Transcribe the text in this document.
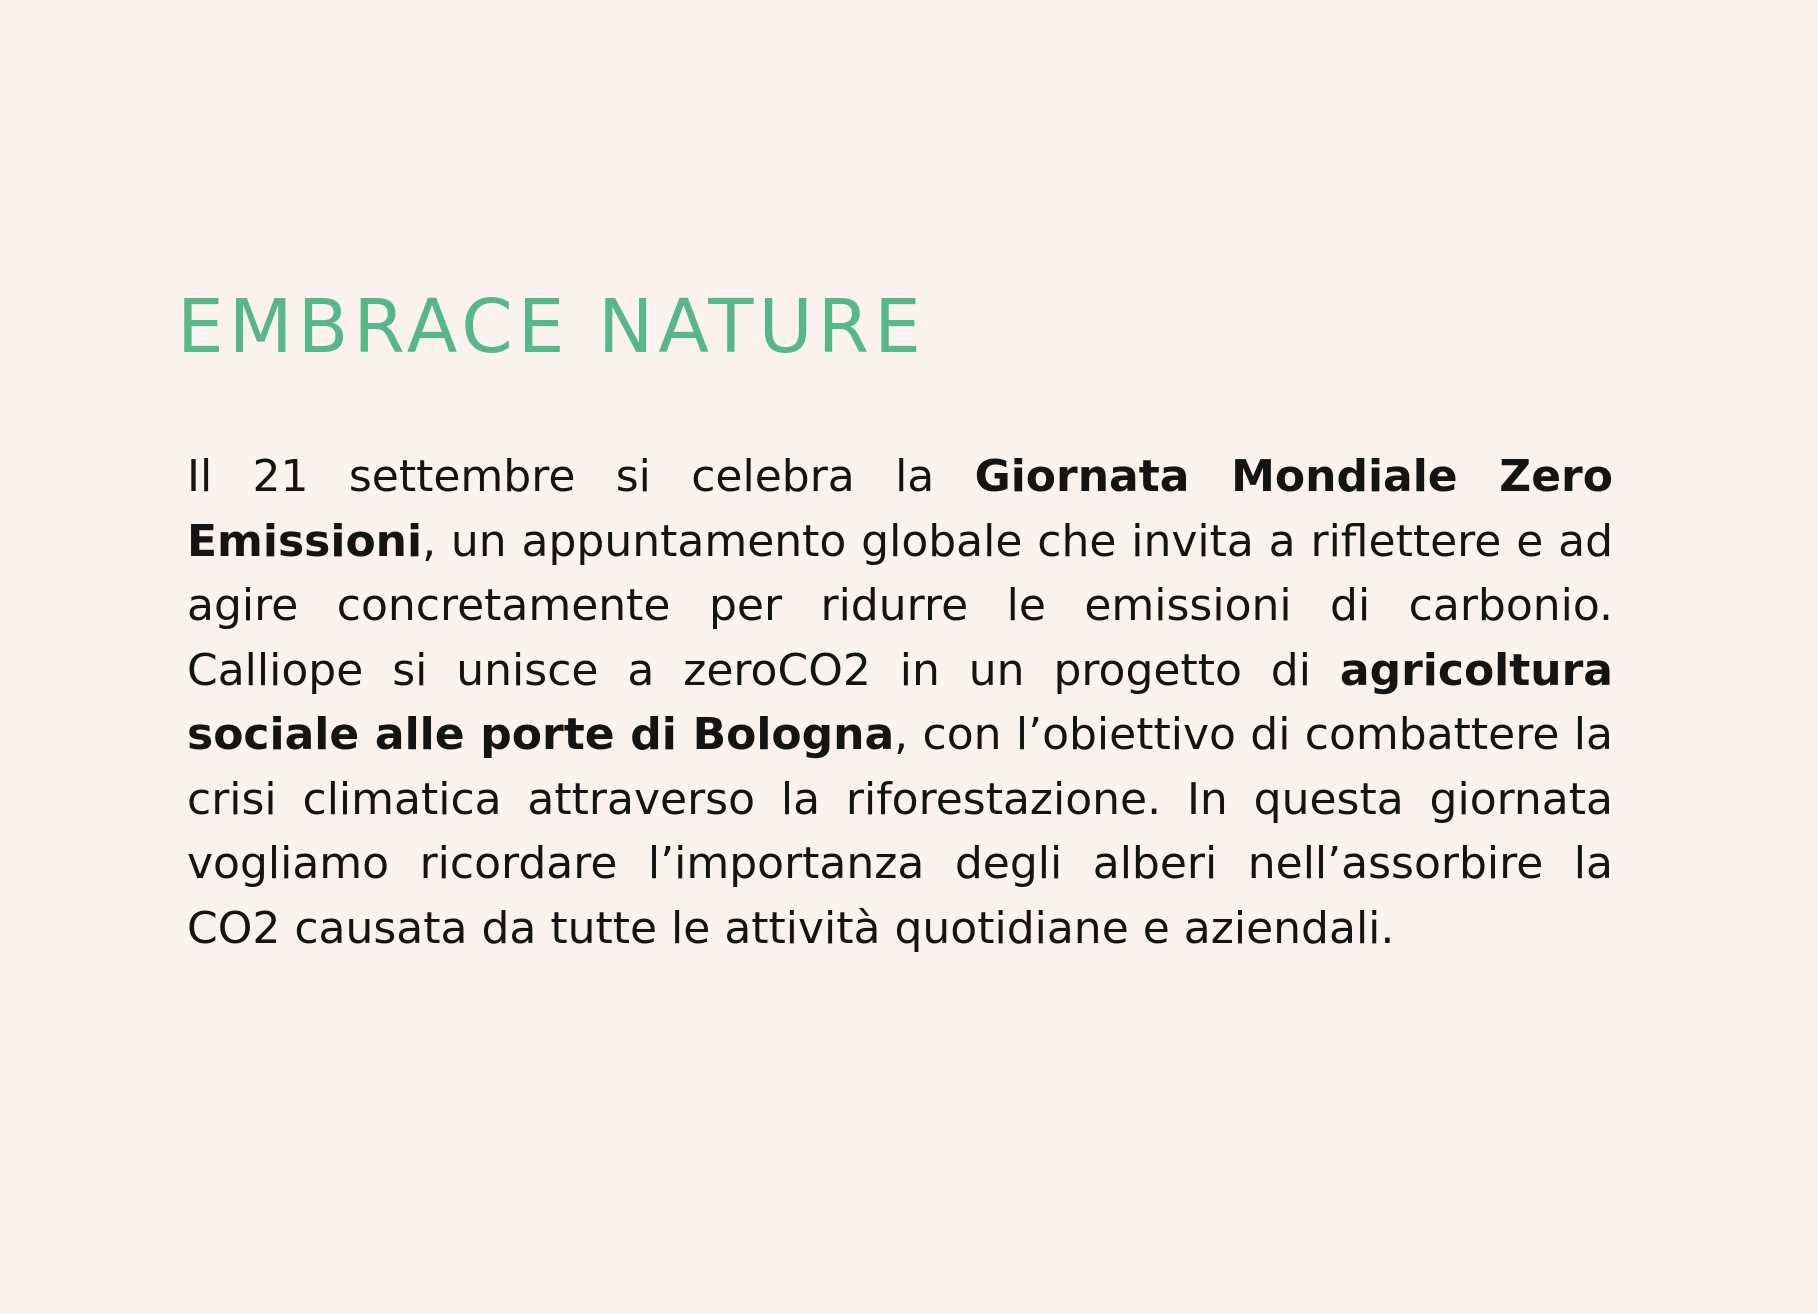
EMBRACE NATURE

Il 21 settembre si celebra la Giornata Mondiale Zero Emissioni, un appuntamento globale che invita a riflettere e ad agire concretamente per ridurre le emissioni di carbonio. Calliope si unisce a zeroCO2 in un progetto di agricoltura sociale alle porte di Bologna, con l’obiettivo di combattere la crisi climatica attraverso la riforestazione. In questa giornata vogliamo ricordare l’importanza degli alberi nell’assorbire la CO2 causata da tutte le attività quotidiane e aziendali.
